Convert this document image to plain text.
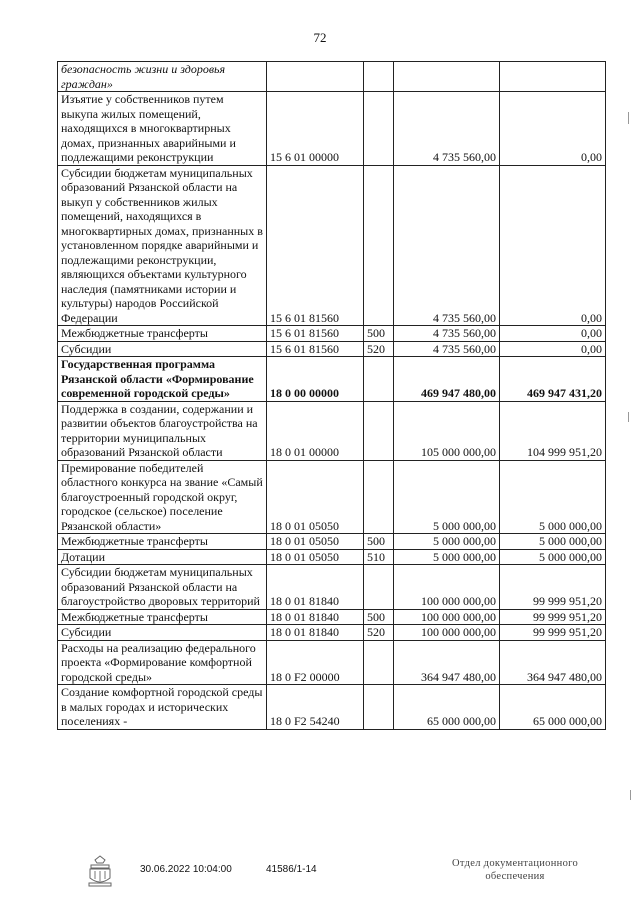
72
безопасность жизни и здоровья граждан»				
Изъятие у собственников путем выкупа жилых помещений, находящихся в многоквартирных домах, признанных аварийными и подлежащими реконструкции	15 6 01 00000		4 735 560,00	0,00
Субсидии бюджетам муниципальных образований Рязанской области на выкуп у собственников жилых помещений, находящихся в многоквартирных домах, признанных в установленном порядке аварийными и подлежащими реконструкции, являющихся объектами культурного наследия (памятниками истории и культуры) народов Российской Федерации	15 6 01 81560		4 735 560,00	0,00
Межбюджетные трансферты	15 6 01 81560	500	4 735 560,00	0,00
Субсидии	15 6 01 81560	520	4 735 560,00	0,00
Государственная программа Рязанской области «Формирование современной городской среды»	18 0 00 00000		469 947 480,00	469 947 431,20
Поддержка в создании, содержании и развитии объектов благоустройства на территории муниципальных образований Рязанской области	18 0 01 00000		105 000 000,00	104 999 951,20
Премирование победителей областного конкурса на звание «Самый благоустроенный городской округ, городское (сельское) поселение Рязанской области»	18 0 01 05050		5 000 000,00	5 000 000,00
Межбюджетные трансферты	18 0 01 05050	500	5 000 000,00	5 000 000,00
Дотации	18 0 01 05050	510	5 000 000,00	5 000 000,00
Субсидии бюджетам муниципальных образований Рязанской области на благоустройство дворовых территорий	18 0 01 81840		100 000 000,00	99 999 951,20
Межбюджетные трансферты	18 0 01 81840	500	100 000 000,00	99 999 951,20
Субсидии	18 0 01 81840	520	100 000 000,00	99 999 951,20
Расходы на реализацию федерального проекта «Формирование комфортной городской среды»	18 0 F2 00000		364 947 480,00	364 947 480,00
Создание комфортной городской среды в малых городах и исторических поселениях -	18 0 F2 54240		65 000 000,00	65 000 000,00
30.06.2022 10:04:00	41586/1-14
Отдел документационного
обеспечения
